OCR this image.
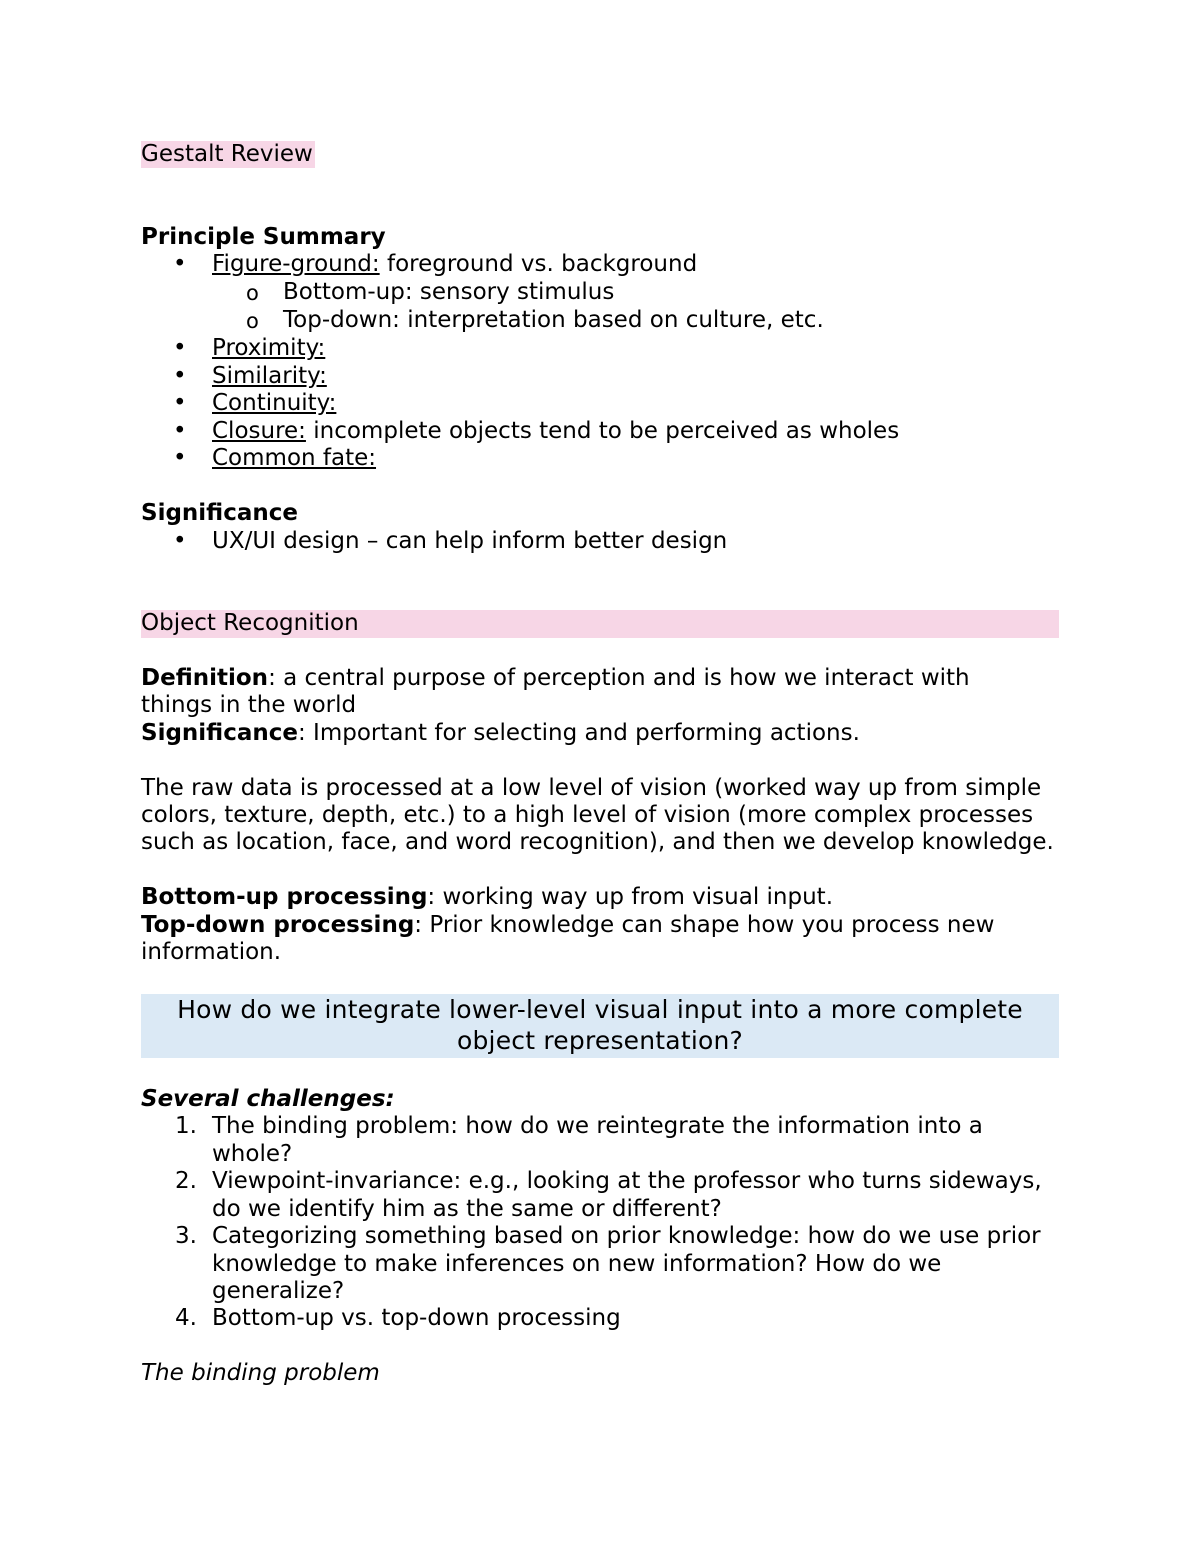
Gestalt Review
Principle Summary
• Figure-ground: foreground vs. background
o Bottom-up: sensory stimulus
o Top-down: interpretation based on culture, etc.
• Proximity:
• Similarity:
• Continuity:
• Closure: incomplete objects tend to be perceived as wholes
• Common fate:
Significance
• UX/UI design – can help inform better design
Object Recognition
Definition: a central purpose of perception and is how we interact with things in the world
Significance: Important for selecting and performing actions.
The raw data is processed at a low level of vision (worked way up from simple colors, texture, depth, etc.) to a high level of vision (more complex processes such as location, face, and word recognition), and then we develop knowledge.
Bottom-up processing: working way up from visual input.
Top-down processing: Prior knowledge can shape how you process new information.
How do we integrate lower-level visual input into a more complete object representation?
Several challenges:
1. The binding problem: how do we reintegrate the information into a whole?
2. Viewpoint-invariance: e.g., looking at the professor who turns sideways, do we identify him as the same or different?
3. Categorizing something based on prior knowledge: how do we use prior knowledge to make inferences on new information? How do we generalize?
4. Bottom-up vs. top-down processing
The binding problem
